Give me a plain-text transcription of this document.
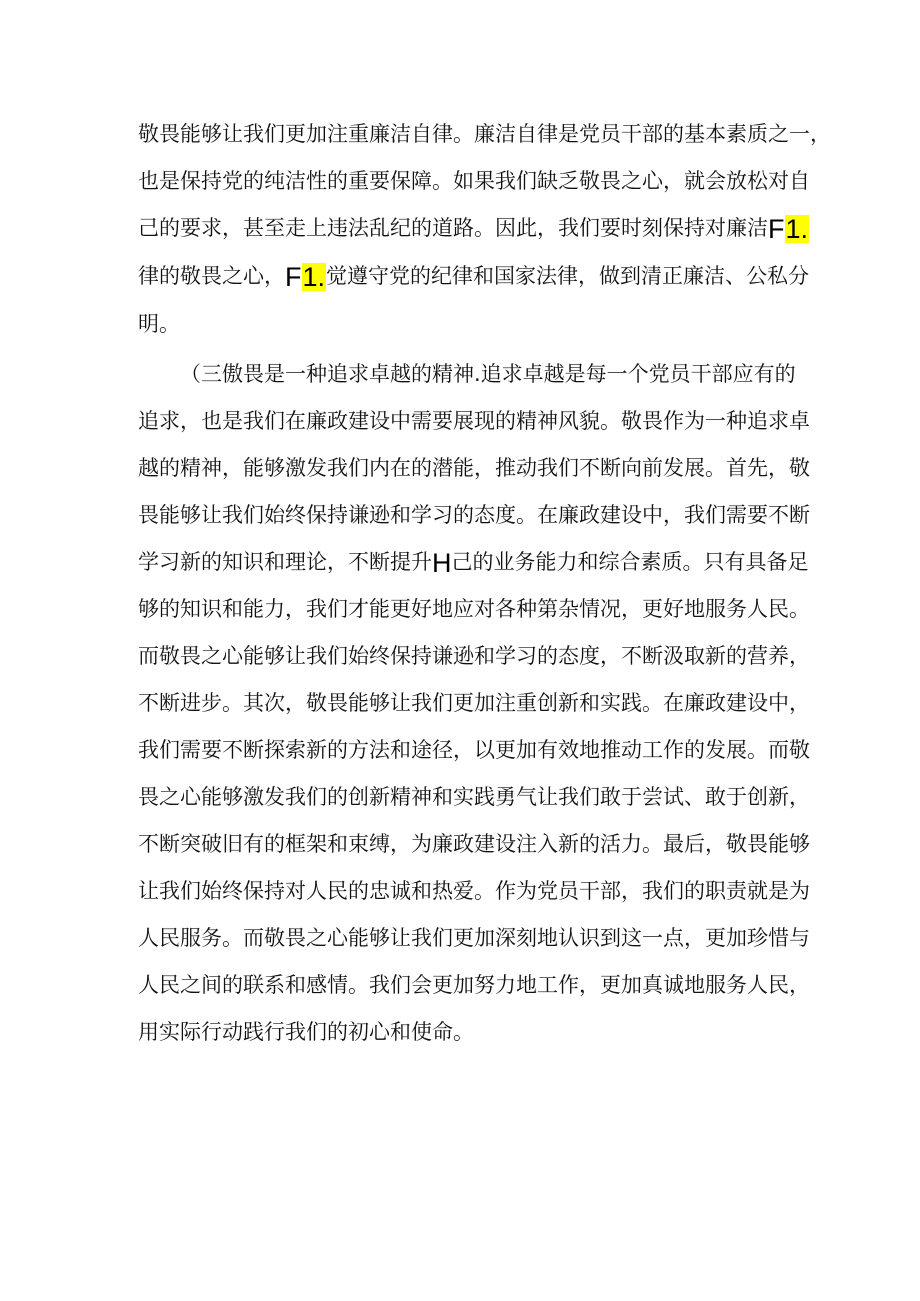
敬畏能够让我们更加注重廉洁自律。廉洁自律是党员干部的基本素质之一，
也是保持党的纯洁性的重要保障。如果我们缺乏敬畏之心，就会放松对自
己的要求，甚至走上违法乱纪的道路。因此，我们要时刻保持对廉洁F1.
律的敬畏之心，F1.觉遵守党的纪律和国家法律，做到清正廉洁、公私分
明。
（三傲畏是一种追求卓越的精神.追求卓越是每一个党员干部应有的
追求，也是我们在廉政建设中需要展现的精神风貌。敬畏作为一种追求卓
越的精神，能够激发我们内在的潜能，推动我们不断向前发展。首先，敬
畏能够让我们始终保持谦逊和学习的态度。在廉政建设中，我们需要不断
学习新的知识和理论，不断提升H己的业务能力和综合素质。只有具备足
够的知识和能力，我们才能更好地应对各种第杂情况，更好地服务人民。
而敬畏之心能够让我们始终保持谦逊和学习的态度，不断汲取新的营养，
不断进步。其次，敬畏能够让我们更加注重创新和实践。在廉政建设中，
我们需要不断探索新的方法和途径，以更加有效地推动工作的发展。而敬
畏之心能够激发我们的创新精神和实践勇气让我们敢于尝试、敢于创新，
不断突破旧有的框架和束缚，为廉政建设注入新的活力。最后，敬畏能够
让我们始终保持对人民的忠诚和热爱。作为党员干部，我们的职责就是为
人民服务。而敬畏之心能够让我们更加深刻地认识到这一点，更加珍惜与
人民之间的联系和感情。我们会更加努力地工作，更加真诚地服务人民，
用实际行动践行我们的初心和使命。
